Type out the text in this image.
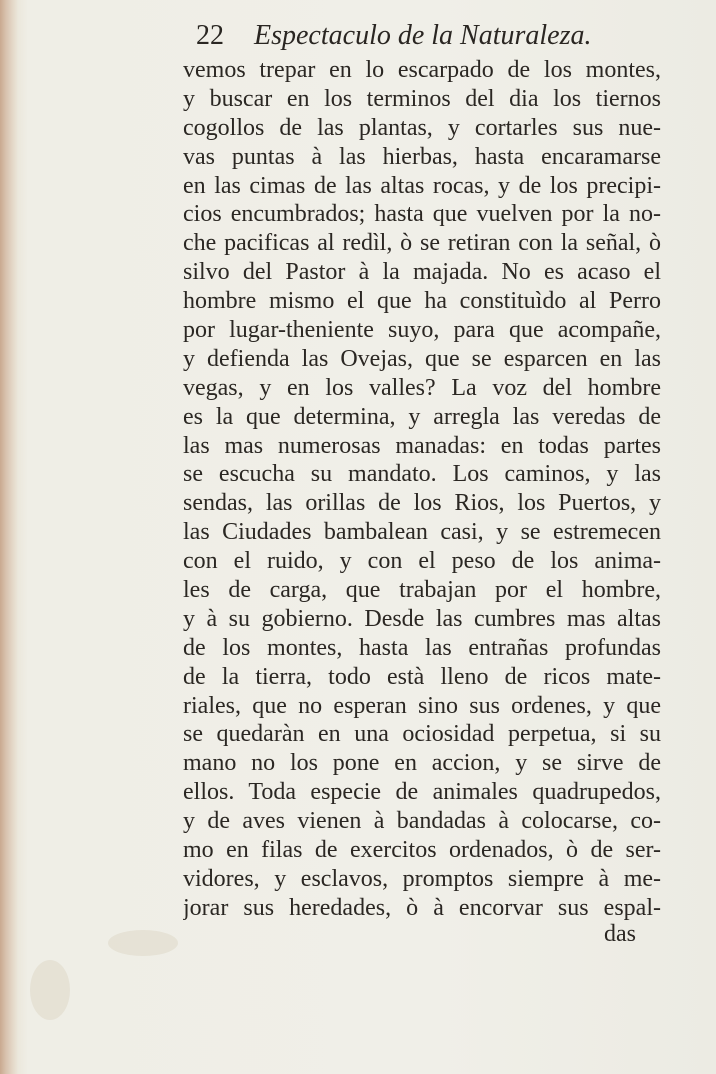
22 Espectaculo de la Naturaleza.
vemos trepar en lo escarpado de los montes,
y buscar en los terminos del dia los tiernos
cogollos de las plantas, y cortarles sus nue-
vas puntas à las hierbas, hasta encaramarse
en las cimas de las altas rocas, y de los precipi-
cios encumbrados; hasta que vuelven por la no-
che pacificas al redìl, ò se retiran con la señal, ò
silvo del Pastor à la majada. No es acaso el
hombre mismo el que ha constituìdo al Perro
por lugar-theniente suyo, para que acompañe,
y defienda las Ovejas, que se esparcen en las
vegas, y en los valles? La voz del hombre
es la que determina, y arregla las veredas de
las mas numerosas manadas: en todas partes
se escucha su mandato. Los caminos, y las
sendas, las orillas de los Rios, los Puertos, y
las Ciudades bambalean casi, y se estremecen
con el ruido, y con el peso de los anima-
les de carga, que trabajan por el hombre,
y à su gobierno. Desde las cumbres mas altas
de los montes, hasta las entrañas profundas
de la tierra, todo està lleno de ricos mate-
riales, que no esperan sino sus ordenes, y que
se quedaràn en una ociosidad perpetua, si su
mano no los pone en accion, y se sirve de
ellos. Toda especie de animales quadrupedos,
y de aves vienen à bandadas à colocarse, co-
mo en filas de exercitos ordenados, ò de ser-
vidores, y esclavos, promptos siempre à me-
jorar sus heredades, ò à encorvar sus espal-
das
